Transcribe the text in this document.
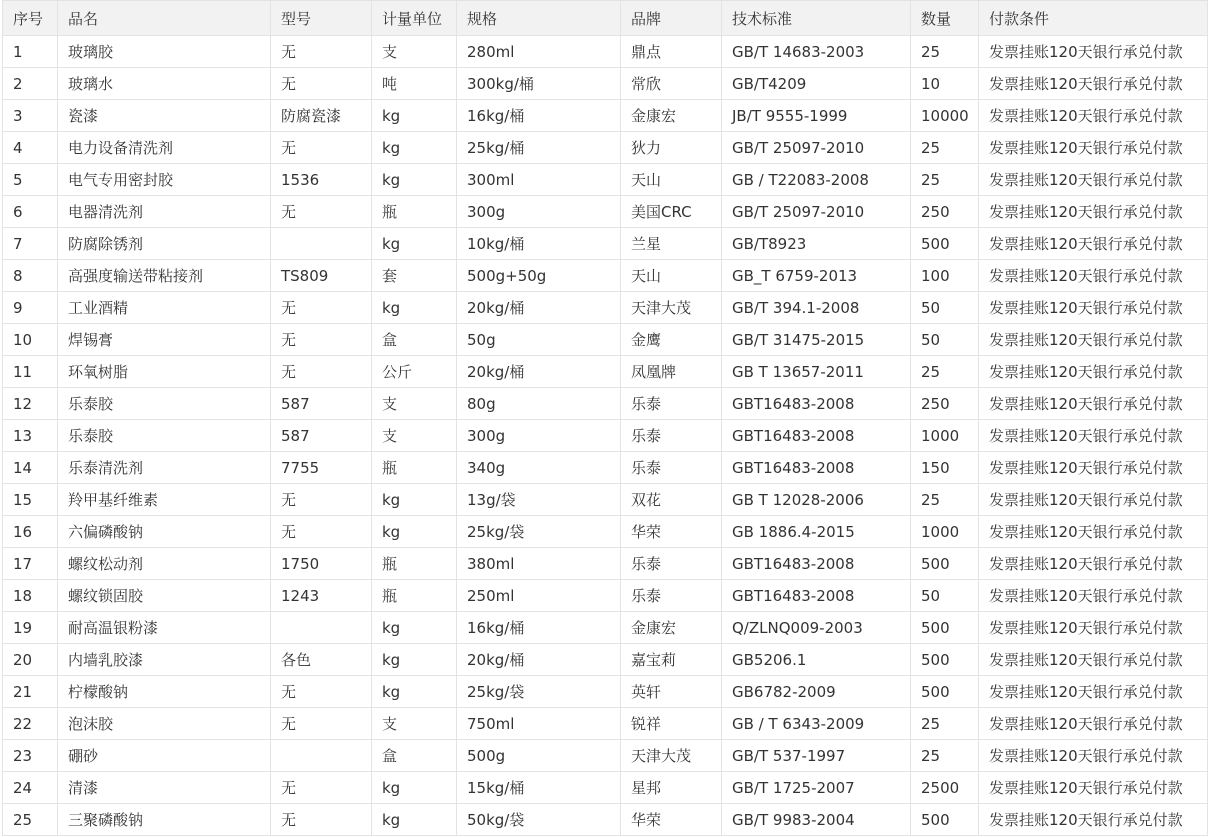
序号	品名	型号	计量单位	规格	品牌	技术标准	数量	付款条件
1	玻璃胶	无	支	280ml	鼎点	GB/T 14683-2003	25	发票挂账120天银行承兑付款
2	玻璃水	无	吨	300kg/桶	常欣	GB/T4209	10	发票挂账120天银行承兑付款
3	瓷漆	防腐瓷漆	kg	16kg/桶	金康宏	JB/T 9555-1999	10000	发票挂账120天银行承兑付款
4	电力设备清洗剂	无	kg	25kg/桶	狄力	GB/T 25097-2010	25	发票挂账120天银行承兑付款
5	电气专用密封胶	1536	kg	300ml	天山	GB / T22083-2008	25	发票挂账120天银行承兑付款
6	电器清洗剂	无	瓶	300g	美国CRC	GB/T 25097-2010	250	发票挂账120天银行承兑付款
7	防腐除锈剂		kg	10kg/桶	兰星	GB/T8923	500	发票挂账120天银行承兑付款
8	高强度输送带粘接剂	TS809	套	500g+50g	天山	GB_T 6759-2013	100	发票挂账120天银行承兑付款
9	工业酒精	无	kg	20kg/桶	天津大茂	GB/T 394.1-2008	50	发票挂账120天银行承兑付款
10	焊锡膏	无	盒	50g	金鹰	GB/T 31475-2015	50	发票挂账120天银行承兑付款
11	环氧树脂	无	公斤	20kg/桶	凤凰牌	GB T 13657-2011	25	发票挂账120天银行承兑付款
12	乐泰胶	587	支	80g	乐泰	GBT16483-2008	250	发票挂账120天银行承兑付款
13	乐泰胶	587	支	300g	乐泰	GBT16483-2008	1000	发票挂账120天银行承兑付款
14	乐泰清洗剂	7755	瓶	340g	乐泰	GBT16483-2008	150	发票挂账120天银行承兑付款
15	羚甲基纤维素	无	kg	13g/袋	双花	GB T 12028-2006	25	发票挂账120天银行承兑付款
16	六偏磷酸钠	无	kg	25kg/袋	华荣	GB 1886.4-2015	1000	发票挂账120天银行承兑付款
17	螺纹松动剂	1750	瓶	380ml	乐泰	GBT16483-2008	500	发票挂账120天银行承兑付款
18	螺纹锁固胶	1243	瓶	250ml	乐泰	GBT16483-2008	50	发票挂账120天银行承兑付款
19	耐高温银粉漆		kg	16kg/桶	金康宏	Q/ZLNQ009-2003	500	发票挂账120天银行承兑付款
20	内墙乳胶漆	各色	kg	20kg/桶	嘉宝莉	GB5206.1	500	发票挂账120天银行承兑付款
21	柠檬酸钠	无	kg	25kg/袋	英轩	GB6782-2009	500	发票挂账120天银行承兑付款
22	泡沫胶	无	支	750ml	锐祥	GB / T 6343-2009	25	发票挂账120天银行承兑付款
23	硼砂		盒	500g	天津大茂	GB/T 537-1997	25	发票挂账120天银行承兑付款
24	清漆	无	kg	15kg/桶	星邦	GB/T 1725-2007	2500	发票挂账120天银行承兑付款
25	三聚磷酸钠	无	kg	50kg/袋	华荣	GB/T 9983-2004	500	发票挂账120天银行承兑付款
